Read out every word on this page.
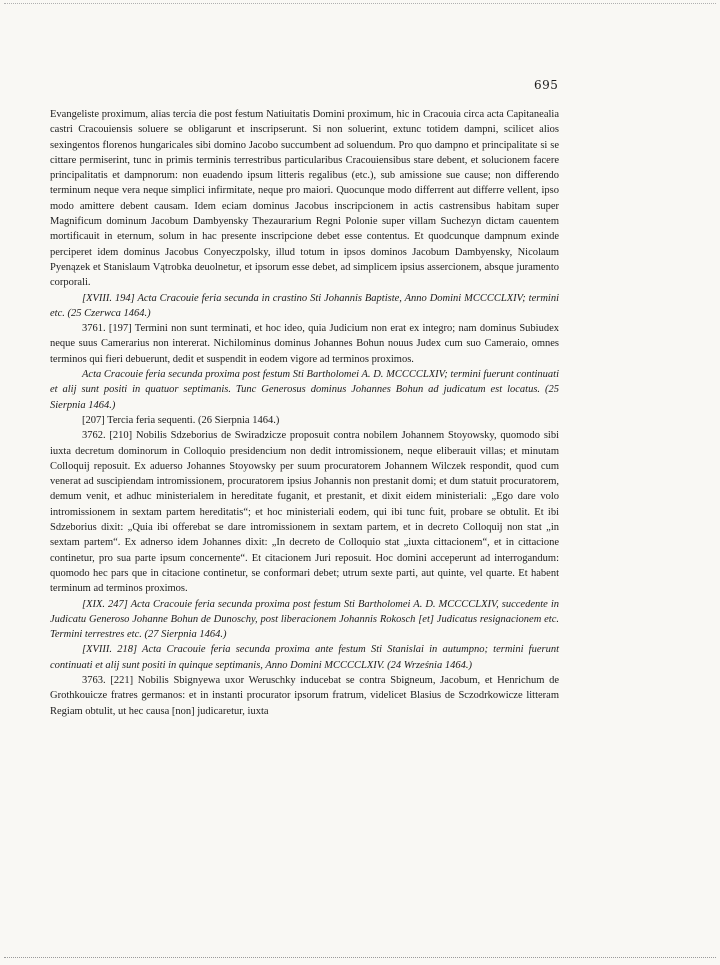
695

Evangeliste proximum, alias tercia die post festum Natiuitatis Domini proximum, hic in Cracouia circa acta Capitanealia castri Cracouiensis soluere se obligarunt et inscripserunt. Si non soluerint, extunc totidem dampni, scilicet alios sexingentos florenos hungaricales sibi domino Jacobo succumbent ad soluendum. Pro quo dampno et principalitate si se cittare permiserint, tunc in primis terminis terrestribus particularibus Cracouiensibus stare debent, et solucionem facere principalitatis et dampnorum: non euadendo ipsum litteris regalibus (etc.), sub amissione sue cause; non differendo terminum neque vera neque simplici infirmitate, neque pro maiori. Quocunque modo differrent aut differre vellent, ipso modo amittere debent causam. Idem eciam dominus Jacobus inscripcionem in actis castrensibus habitam super Magnificum dominum Jacobum Dambyensky Thezaurarium Regni Polonie super villam Suchezyn dictam cauentem mortificauit in eternum, solum in hac presente inscripcione debet esse contentus. Et quodcunque dampnum exinde perciperet idem dominus Jacobus Conyeczpolsky, illud totum in ipsos dominos Jacobum Dambyensky, Nicolaum Pyenązek et Stanislaum Vątrobka deuolnetur, et ipsorum esse debet, ad simplicem ipsius assercionem, absque juramento corporali.

[XVIII. 194] Acta Cracouie feria secunda in crastino Sti Johannis Baptiste, Anno Domini MCCCCLXIV; termini etc. (25 Czerwca 1464.)

3761. [197] Termini non sunt terminati, et hoc ideo, quia Judicium non erat ex integro; nam dominus Subiudex neque suus Camerarius non intererat. Nichilominus dominus Johannes Bohun nouus Judex cum suo Cameraio, omnes terminos qui fieri debuerunt, dedit et suspendit in eodem vigore ad terminos proximos.

Acta Cracouie feria secunda proxima post festum Sti Bartholomei A. D. MCCCCLXIV; termini fuerunt continuati et alij sunt positi in quatuor septimanis. Tunc Generosus dominus Johannes Bohun ad judicatum est locatus. (25 Sierpnia 1464.)

[207] Tercia feria sequenti. (26 Sierpnia 1464.)

3762. [210] Nobilis Sdzeborius de Swiradzicze proposuit contra nobilem Johannem Stoyowsky, quomodo sibi iuxta decretum dominorum in Colloquio presidencium non dedit intromissionem, neque eliberauit villas; et minutam Colloquij reposuit. Ex aduerso Johannes Stoyowsky per suum procuratorem Johannem Wilczek respondit, quod cum venerat ad suscipiendam intromissionem, procuratorem ipsius Johannis non prestanit domi; et dum statuit procuratorem, demum venit, et adhuc ministerialem in hereditate fuganit, et prestanit, et dixit eidem ministeriali: „Ego dare volo intromissionem in sextam partem hereditatis“; et hoc ministeriali eodem, qui ibi tunc fuit, probare se obtulit. Et ibi Sdzeborius dixit: „Quia ibi offerebat se dare intromissionem in sextam partem, et in decreto Colloquij non stat „in sextam partem“. Ex adnerso idem Johannes dixit: „In decreto de Colloquio stat „iuxta cittacionem“, et in cittacione continetur, pro sua parte ipsum concernente“. Et citacionem Juri reposuit. Hoc domini acceperunt ad interrogandum: quomodo hec pars que in citacione continetur, se conformari debet; utrum sexte parti, aut quinte, vel quarte. Et habent terminum ad terminos proximos.

[XIX. 247] Acta Cracouie feria secunda proxima post festum Sti Bartholomei A. D. MCCCCLXIV, succedente in Judicatu Generoso Johanne Bohun de Dunoschy, post liberacionem Johannis Rokosch [et] Judicatus resignacionem etc. Termini terrestres etc. (27 Sierpnia 1464.)

[XVIII. 218] Acta Cracouie feria secunda proxima ante festum Sti Stanislai in autumpno; termini fuerunt continuati et alij sunt positi in quinque septimanis, Anno Domini MCCCCLXIV. (24 Września 1464.)

3763. [221] Nobilis Sbignyewa uxor Weruschky inducebat se contra Sbigneum, Jacobum, et Henrichum de Grothkouicze fratres germanos: et in instanti procurator ipsorum fratrum, videlicet Blasius de Sczodrkowicze litteram Regiam obtulit, ut hec causa [non] judicaretur, iuxta
